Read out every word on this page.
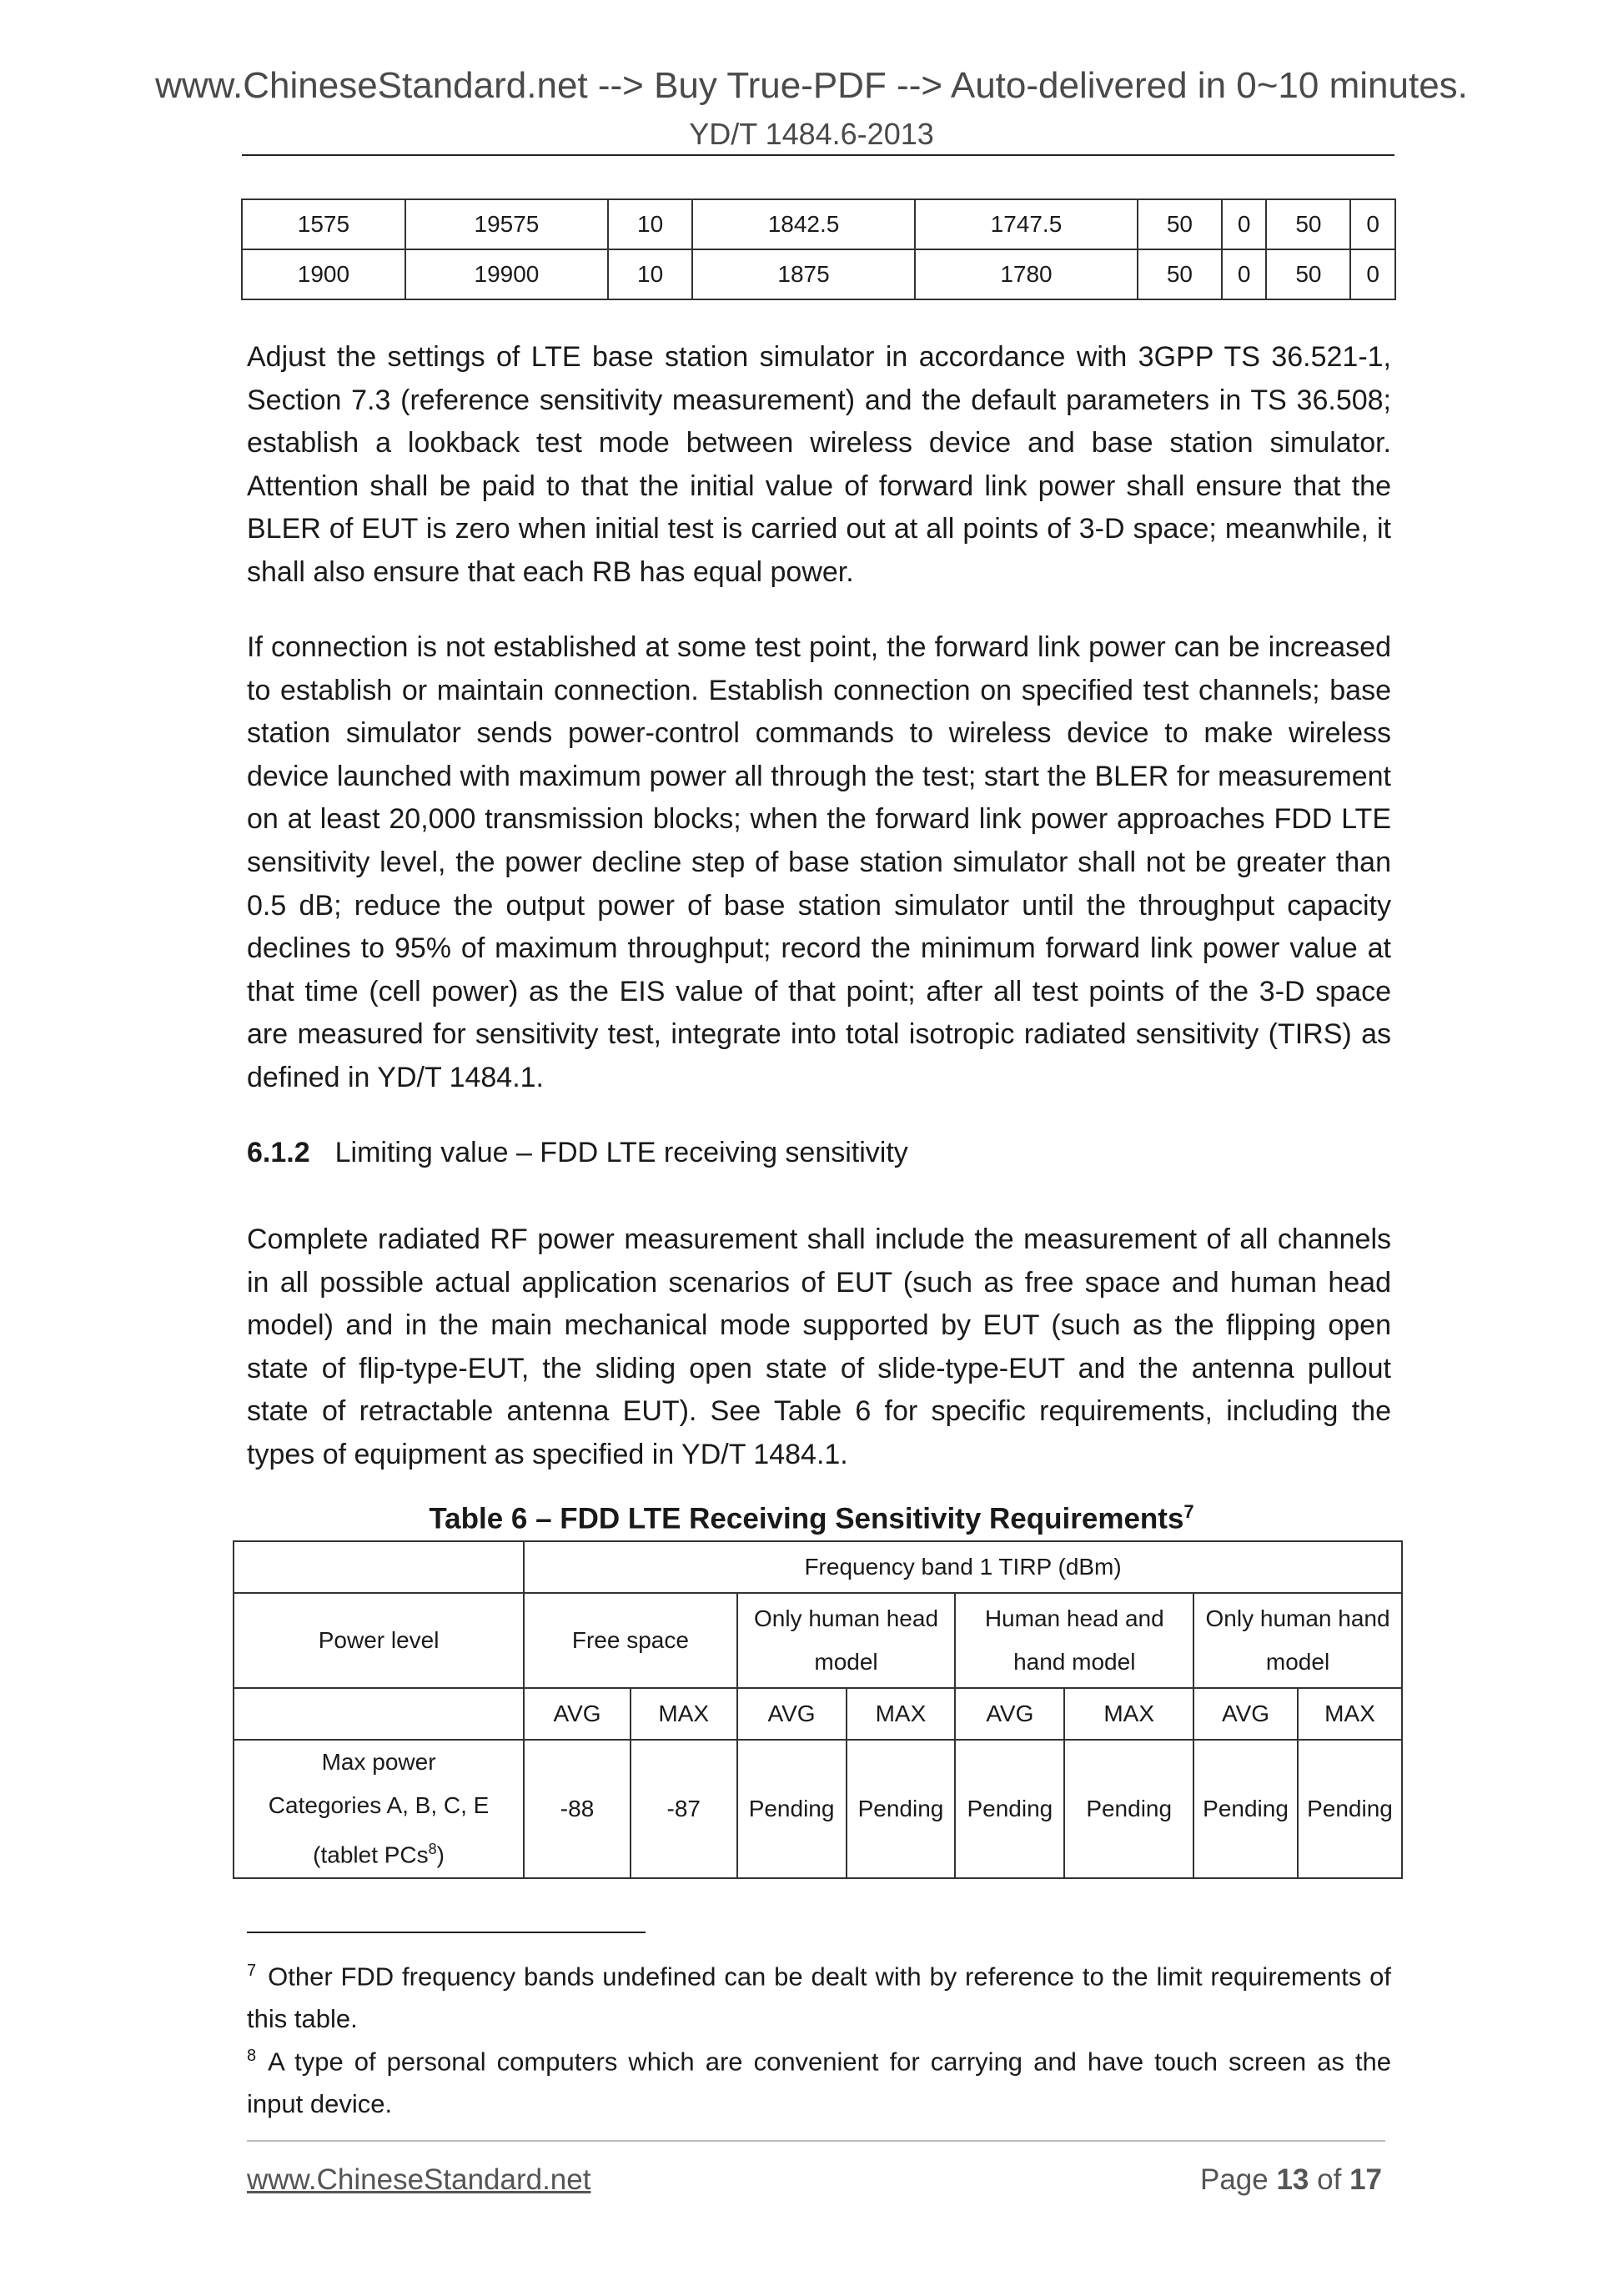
www.ChineseStandard.net --> Buy True-PDF --> Auto-delivered in 0~10 minutes.
YD/T 1484.6-2013
1575	19575	10	1842.5	1747.5	50	0	50	0
1900	19900	10	1875	1780	50	0	50	0
Adjust the settings of LTE base station simulator in accordance with 3GPP TS 36.521-1, Section 7.3 (reference sensitivity measurement) and the default parameters in TS 36.508; establish a lookback test mode between wireless device and base station simulator. Attention shall be paid to that the initial value of forward link power shall ensure that the BLER of EUT is zero when initial test is carried out at all points of 3-D space; meanwhile, it shall also ensure that each RB has equal power.
If connection is not established at some test point, the forward link power can be increased to establish or maintain connection. Establish connection on specified test channels; base station simulator sends power-control commands to wireless device to make wireless device launched with maximum power all through the test; start the BLER for measurement on at least 20,000 transmission blocks; when the forward link power approaches FDD LTE sensitivity level, the power decline step of base station simulator shall not be greater than 0.5 dB; reduce the output power of base station simulator until the throughput capacity declines to 95% of maximum throughput; record the minimum forward link power value at that time (cell power) as the EIS value of that point; after all test points of the 3-D space are measured for sensitivity test, integrate into total isotropic radiated sensitivity (TIRS) as defined in YD/T 1484.1.
6.1.2 Limiting value – FDD LTE receiving sensitivity
Complete radiated RF power measurement shall include the measurement of all channels in all possible actual application scenarios of EUT (such as free space and human head model) and in the main mechanical mode supported by EUT (such as the flipping open state of flip-type-EUT, the sliding open state of slide-type-EUT and the antenna pullout state of retractable antenna EUT). See Table 6 for specific requirements, including the types of equipment as specified in YD/T 1484.1.
Table 6 – FDD LTE Receiving Sensitivity Requirements$^7$
	Frequency band 1 TIRP (dBm)							
Power level	Free space		Only human head model		Human head and hand model		Only human hand model	
	AVG	MAX	AVG	MAX	AVG	MAX	AVG	MAX

Max power
Categories A, B, C, E
(tablet PCs$^8$)	-88	-87	Pending	Pending	Pending	Pending	Pending	Pending
$^7$ Other FDD frequency bands undefined can be dealt with by reference to the limit requirements of this table.
$^8$ A type of personal computers which are convenient for carrying and have touch screen as the input device.
www.ChineseStandard.net	Page 13 of 17
